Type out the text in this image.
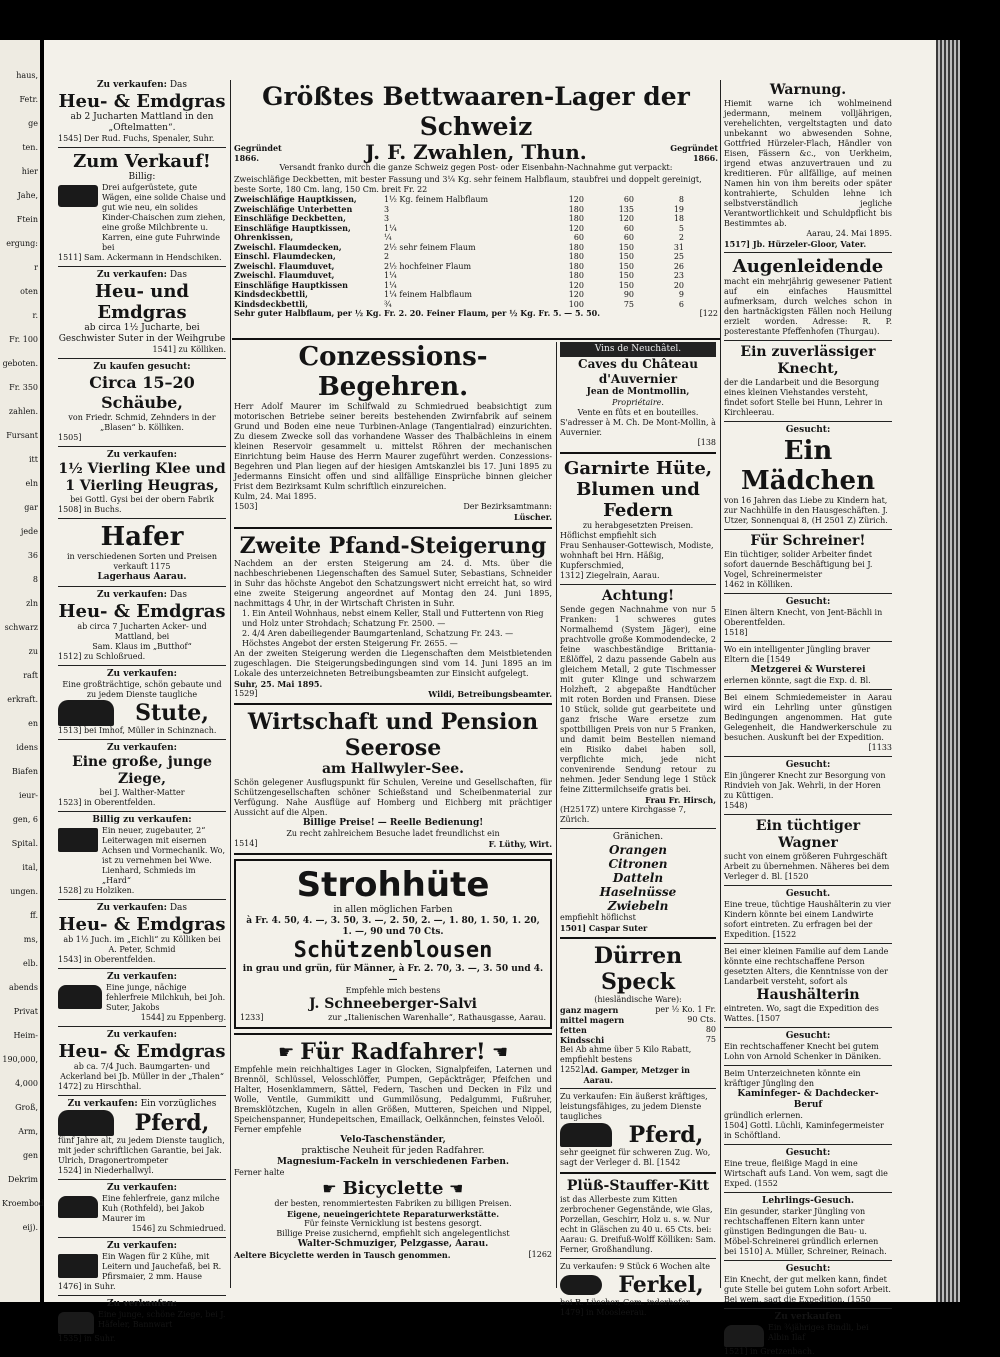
haus,
Fetr.
ge
ten.
hier
Jahe,
Ftein
ergung:
r
oten
r.
Fr. 100
geboten.
Fr. 350
zahlen.
Fursant
itt
eln
gar
jede
36
8
zln
schwarz
zu
raft
erkraft.
en
idens
Biafen
ieur-
gen, 6
Spital.
ital,
ungen.
ff.
ms,
elb.
abends
Privat
Heim-
190,000,
4,000
Groß,
Arm,
gen
Dekrim
Kroembod
eij).

Zu verkaufen: Das

Heu- & Emdgras

ab 2 Jucharten Mattland in den „Oftelmatten“.

1545] Der Rud. Fuchs, Spenaler, Suhr.

Zum Verkauf!

Billig:

Drei aufgerüstete, gute Wägen, eine solide Chaise und gut wie neu, ein solides Kinder-Chaischen zum ziehen, eine große Milchbrente u. Karren, eine gute Fuhrwinde bei

1511] Sam. Ackermann in Hendschiken.

Zu verkaufen: Das

Heu- und Emdgras

ab circa 1½ Jucharte, bei Geschwister Suter in der Weihgrube

1541] zu Kölliken.

Zu kaufen gesucht:

Circa 15–20 Schäube,

von Friedr. Schmid, Zehnders in der „Blasen“ b. Kölliken.

1505]

Zu verkaufen:

1½ Vierling Klee und 1 Vierling Heugras,

bei Gottl. Gysi bei der obern Fabrik

1508] in Buchs.

Hafer

in verschiedenen Sorten und Preisen verkauft 1175

Lagerhaus Aarau.

Zu verkaufen: Das

Heu- & Emdgras

ab circa 7 Jucharten Acker- und Mattland, bei

Sam. Klaus im „Butthof“

1512] zu Schloßrued.

Zu verkaufen:

Eine großträchtige, schön gebaute und zu jedem Dienste taugliche

Stute,

1513] bei Imhof, Müller in Schinznach.

Zu verkaufen:

Eine große, junge Ziege,

bei J. Walther-Matter

1523] in Oberentfelden.

Billig zu verkaufen:

Ein neuer, zugebauter, 2“ Leiterwagen mit eisernen Achsen und Vormechanik. Wo, ist zu vernehmen bei Wwe. Lienhard, Schmieds im „Hard“

1528] zu Holziken.

Zu verkaufen: Das

Heu- & Emdgras

ab 1½ Juch. im „Eichli“ zu Kölliken bei A. Peter, Schmid

1543] in Oberentfelden.

Zu verkaufen:

Eine junge, nächige fehlerfreie Milchkuh, bei Joh. Suter, Jakobs

1544] zu Eppenberg.

Zu verkaufen:

Heu- & Emdgras

ab ca. 7/4 Juch. Baumgarten- und Ackerland bei Jb. Müller in der „Thalen“

1472] zu Hirschthal.

Zu verkaufen: Ein vorzügliches

Pferd,

fünf Jahre alt, zu jedem Dienste tauglich, mit jeder schriftlichen Garantie, bei Jak. Ulrich, Dragonertrompeter

1524] in Niederhallwyl.

Zu verkaufen:

Eine fehlerfreie, ganz milche Kuh (Rothfeld), bei Jakob Maurer im

1546] zu Schmiedrued.

Zu verkaufen:

Ein Wagen für 2 Kühe, mit Leitern und Jauchefaß, bei R. Pfirsmaier, 2 mm. Hause

1476] in Suhr.

Zu verkaufen:

Eine junge, schöne Ziege, bei J. Häfeler, Bannwart

1535] in Suhr.

Größtes Bettwaaren-Lager der Schweiz

Gegründet 1866.	J. F. Zwahlen, Thun.	Gegründet 1866.

Versandt franko durch die ganze Schweiz gegen Post- oder Eisenbahn-Nachnahme gut verpackt:

Zweischläfige Deckbetten, mit bester Fassung und 3¼ Kg. sehr feinem Halbflaum, staubfrei und doppelt gereinigt, beste Sorte, 180 Cm. lang, 150 Cm. breit Fr. 22

Zweischläfige Hauptkissen,	1½ Kg. feinem Halbflaum	120	60	8
Zweischläfige Unterbetten	3	180	135	19
Einschläfige Deckbetten,	3	180	120	18
Einschläfige Hauptkissen,	1¼	120	60	5
Ohrenkissen,	¼	60	60	2
Zweischl. Flaumdecken,	2½ sehr feinem Flaum	180	150	31
Einschl. Flaumdecken,	2	180	150	25
Zweischl. Flaumduvet,	2½ hochfeiner Flaum	180	150	26
Zweischl. Flaumduvet,	1¼	180	150	23
Einschläfige Hauptkissen	1¼	120	150	20
Kindsdeckbettli,	1¼ feinem Halbflaum	120	90	9
Kindsdeckbettli,	¾	100	75	6
Sehr guter Halbflaum, per ½ Kg. Fr. 2. 20. Feiner Flaum, per ½ Kg. Fr. 5. — 5. 50.	[122

Conzessions-Begehren.

Herr Adolf Maurer im Schilfwald zu Schmiedrued beabsichtigt zum motorischen Betriebe seiner bereits bestehenden Zwirnfabrik auf seinem Grund und Boden eine neue Turbinen-Anlage (Tangentialrad) einzurichten. Zu diesem Zwecke soll das vorhandene Wasser des Thalbächleins in einem kleinen Reservoir gesammelt u. mittelst Röhren der mechanischen Einrichtung beim Hause des Herrn Maurer zugeführt werden. Conzessions-Begehren und Plan liegen auf der hiesigen Amtskanzlei bis 17. Juni 1895 zu Jedermanns Einsicht offen und sind allfällige Einsprüche binnen gleicher Frist dem Bezirksamt Kulm schriftlich einzureichen.

Kulm, 24. Mai 1895.

1503]	Der Bezirksamtmann:
Lüscher.

Zweite Pfand-Steigerung

Nachdem an der ersten Steigerung am 24. d. Mts. über die nachbeschriebenen Liegenschaften des Samuel Suter, Sebastians, Schneider in Suhr das höchste Angebot den Schatzungswert nicht erreicht hat, so wird eine zweite Steigerung angeordnet auf Montag den 24. Juni 1895, nachmittags 4 Uhr, in der Wirtschaft Christen in Suhr.

1. Ein Anteil Wohnhaus, nebst einem Keller, Stall und Futtertenn von Rieg und Holz unter Strohdach; Schatzung Fr. 2500. —

2. 4/4 Aren dabeiliegender Baumgartenland, Schatzung Fr. 243. — Höchstes Angebot der ersten Steigerung Fr. 2655. —

An der zweiten Steigerung werden die Liegenschaften dem Meistbietenden zugeschlagen. Die Steigerungsbedingungen sind vom 14. Juni 1895 an im Lokale des unterzeichneten Betreibungsbeamten zur Einsicht aufgelegt.

Suhr, 25. Mai 1895.

1529]	Wildi, Betreibungsbeamter.

Wirtschaft und Pension Seerose

am Hallwyler-See.

Schön gelegener Ausflugspunkt für Schulen, Vereine und Gesellschaften, für Schützengesellschaften schöner Schießstand und Scheibenmaterial zur Verfügung. Nahe Ausflüge auf Homberg und Eichberg mit prächtiger Aussicht auf die Alpen.

Billige Preise! — Reelle Bedienung!

Zu recht zahlreichem Besuche ladet freundlichst ein

1514]	F. Lüthy, Wirt.

Strohhüte

in allen möglichen Farben

à Fr. 4. 50, 4. —, 3. 50, 3. —, 2. 50, 2. —, 1. 80, 1. 50, 1. 20, 1. —, 90 und 70 Cts.

Schützenblousen

in grau und grün, für Männer, à Fr. 2. 70, 3. —, 3. 50 und 4. —

Empfehle mich bestens

J. Schneeberger-Salvi

1233]	zur „Italienischen Warenhalle“, Rathausgasse, Aarau.
☛ Für Radfahrer! ☛

Empfehle mein reichhaltiges Lager in Glocken, Signalpfeifen, Laternen und Brennöl, Schlüssel, Velosschlöffer, Pumpen, Gepäckträger, Pfeifchen und Halter, Hosenklammern, Sättel, Federn, Taschen und Decken in Filz und Wolle, Ventile, Gummikitt und Gummilösung, Pedalgummi, Fußruher, Bremsklötzchen, Kugeln in allen Größen, Mutteren, Speichen und Nippel, Speichenspanner, Hundepeitschen, Emaillack, Oelkännchen, feinstes Veloöl.

Ferner empfehle

Velo-Taschenständer,

praktische Neuheit für jeden Radfahrer.

Magnesium-Fackeln in verschiedenen Farben.

Ferner halte

☛ Bicyclette ☛

der besten, renommiertesten Fabriken zu billigen Preisen.

Eigene, neueingerichtete Reparaturwerkstätte.

Für feinste Vernicklung ist bestens gesorgt.

Billige Preise zusichernd, empfiehlt sich angelegentlichst

Walter-Schmuziger, Pelzgasse, Aarau.

Aeltere Bicyclette werden in Tausch genommen.	[1262

Vins de Neuchâtel.

Caves du Château d'Auvernier

Jean de Montmollin,

Propriétaire.

Vente en fûts et en bouteilles.

S'adresser à M. Ch. De Mont-Mollin, à Auvernier.

[138

Garnirte Hüte, Blumen und Federn

zu herabgesetzten Preisen.

Höflichst empfiehlt sich

Frau Senhauser-Gottewisch, Modiste, wohnhaft bei Hrn. Häßig, Kupferschmied,

1312] Ziegelrain, Aarau.

Achtung!

Sende gegen Nachnahme von nur 5 Franken: 1 schweres gutes Normalhemd (System Jäger), eine prachtvolle große Kommodendecke, 2 feine waschbeständige Brittania-Eßlöffel, 2 dazu passende Gabeln aus gleichem Metall, 2 gute Tischmesser mit guter Klinge und schwarzem Holzheft, 2 abgepaßte Handtücher mit roten Borden und Fransen. Diese 10 Stück, solide gut gearbeitete und ganz frische Ware ersetze zum spottbilligen Preis von nur 5 Franken, und damit beim Bestellen niemand ein Risiko dabei haben soll, verpflichte mich, jede nicht convenirende Sendung retour zu nehmen. Jeder Sendung lege 1 Stück feine Zittermilchseife gratis bei.

Frau Fr. Hirsch,

(H2517Z) untere Kirchgasse 7, Zürich.

Gränichen.

Orangen

Citronen

Datteln

Haselnüsse

Zwiebeln

empfiehlt höflichst

1501] Caspar Suter

Dürren Speck

(hiesländische Ware):

ganz magern	per ½ Ko. 1 Fr.
mittel magern	90 Cts.
fetten	80
Kindsschi	75

Bei Ab ahme über 5 Kilo Rabatt, empfiehlt bestens

1252] Ad. Gamper, Metzger in Aarau.

Zu verkaufen: Ein äußerst kräftiges, leistungsfähiges, zu jedem Dienste taugliches

Pferd,

sehr geeignet für schweren Zug. Wo, sagt der Verleger d. Bl. [1542

Plüß-Stauffer-Kitt

ist das Allerbeste zum Kitten zerbrochener Gegenstände, wie Glas, Porzellan, Geschirr, Holz u. s. w. Nur echt in Gläschen zu 40 u. 65 Cts. bei:

Aarau: G. Dreifuß-Wolff Kölliken: Sam. Ferner, Großhandlung.

Zu verkaufen: 9 Stück 6 Wochen alte

Ferkel,

bei R. Lüscher, Gem. inderhofer

1479] in Moosleerau.

Warnung.

Hiemit warne ich wohlmeinend jedermann, meinem volljährigen, verehelichten, vergeltstagten und dato unbekannt wo abwesenden Sohne, Gottfried Hürzeler-Flach, Händler von Eisen, Fässern &c., von Uerkheim, irgend etwas anzuvertrauen und zu kreditieren. Für allfällige, auf meinen Namen hin von ihm bereits oder später kontrahierte, Schulden lehne ich selbstverständlich jegliche Verantwortlichkeit und Schuldpflicht bis Bestimmtes ab.

Aarau, 24. Mai 1895.

1517] Jb. Hürzeler-Gloor, Vater.

Augenleidende

macht ein mehrjährig gewesener Patient auf ein einfaches Hausmittel aufmerksam, durch welches schon in den hartnäckigsten Fällen noch Heilung erzielt worden. Adresse: R. P. posterestante Pfeffenhofen (Thurgau).

Ein zuverlässiger Knecht,

der die Landarbeit und die Besorgung eines kleinen Viehstandes versteht, findet sofort Stelle bei Hunn, Lehrer in Kirchleerau.

Gesucht:

Ein Mädchen

von 16 Jahren das Liebe zu Kindern hat, zur Nachhülfe in den Hausgeschäften. J. Utzer, Sonnenquai 8, (H 2501 Z) Zürich.

Für Schreiner!

Ein tüchtiger, solider Arbeiter findet sofort dauernde Beschäftigung bei J. Vogel, Schreinermeister

1462 in Kölliken.

Gesucht:

Einen ältern Knecht, von Jent-Bächli in Oberentfelden.

1518]

Wo ein intelligenter Jüngling braver Eltern die [1549

Metzgerei & Wursterei

erlernen könnte, sagt die Exp. d. Bl.

Bei einem Schmiedemeister in Aarau wird ein Lehrling unter günstigen Bedingungen angenommen. Hat gute Gelegenheit, die Handwerkerschule zu besuchen. Auskunft bei der Expedition.

[1133

Gesucht:

Ein jüngerer Knecht zur Besorgung von Rindvieh von Jak. Wehrli, in der Horen zu Küttigen.

1548)

Ein tüchtiger Wagner

sucht von einem größeren Fuhrgeschäft Arbeit zu übernehmen. Näheres bei dem Verleger d. Bl. [1520

Gesucht.

Eine treue, tüchtige Haushälterin zu vier Kindern könnte bei einem Landwirte sofort eintreten. Zu erfragen bei der Expedition. [1522

Bei einer kleinen Familie auf dem Lande könnte eine rechtschaffene Person gesetzten Alters, die Kenntnisse von der Landarbeit versteht, sofort als

Haushälterin

eintreten. Wo, sagt die Expedition des Wattes. [1507

Gesucht:

Ein rechtschaffener Knecht bei gutem Lohn von Arnold Schenker in Däniken.

Beim Unterzeichneten könnte ein kräftiger Jüngling den

Kaminfeger- & Dachdecker-Beruf

gründlich erlernen.

1504] Gottl. Lüchli, Kaminfegermeister in Schöftland.

Gesucht:

Eine treue, fleißige Magd in eine Wirtschaft aufs Land. Von wem, sagt die Exped. (1552

Lehrlings-Gesuch.

Ein gesunder, starker Jüngling von rechtschaffenen Eltern kann unter günstigen Bedingungen die Bau- u. Möbel-Schreinerei gründlich erlernen bei 1510] A. Müller, Schreiner, Reinach.

Gesucht:

Ein Knecht, der gut melken kann, findet gute Stelle bei gutem Lohn sofort Arbeit. Bei wem, sagt die Expedition. (1550

Zu verkaufen

Ein ¾jähriges Rindli, bei Albin Ilaf

1521] in Gretzenbach.
